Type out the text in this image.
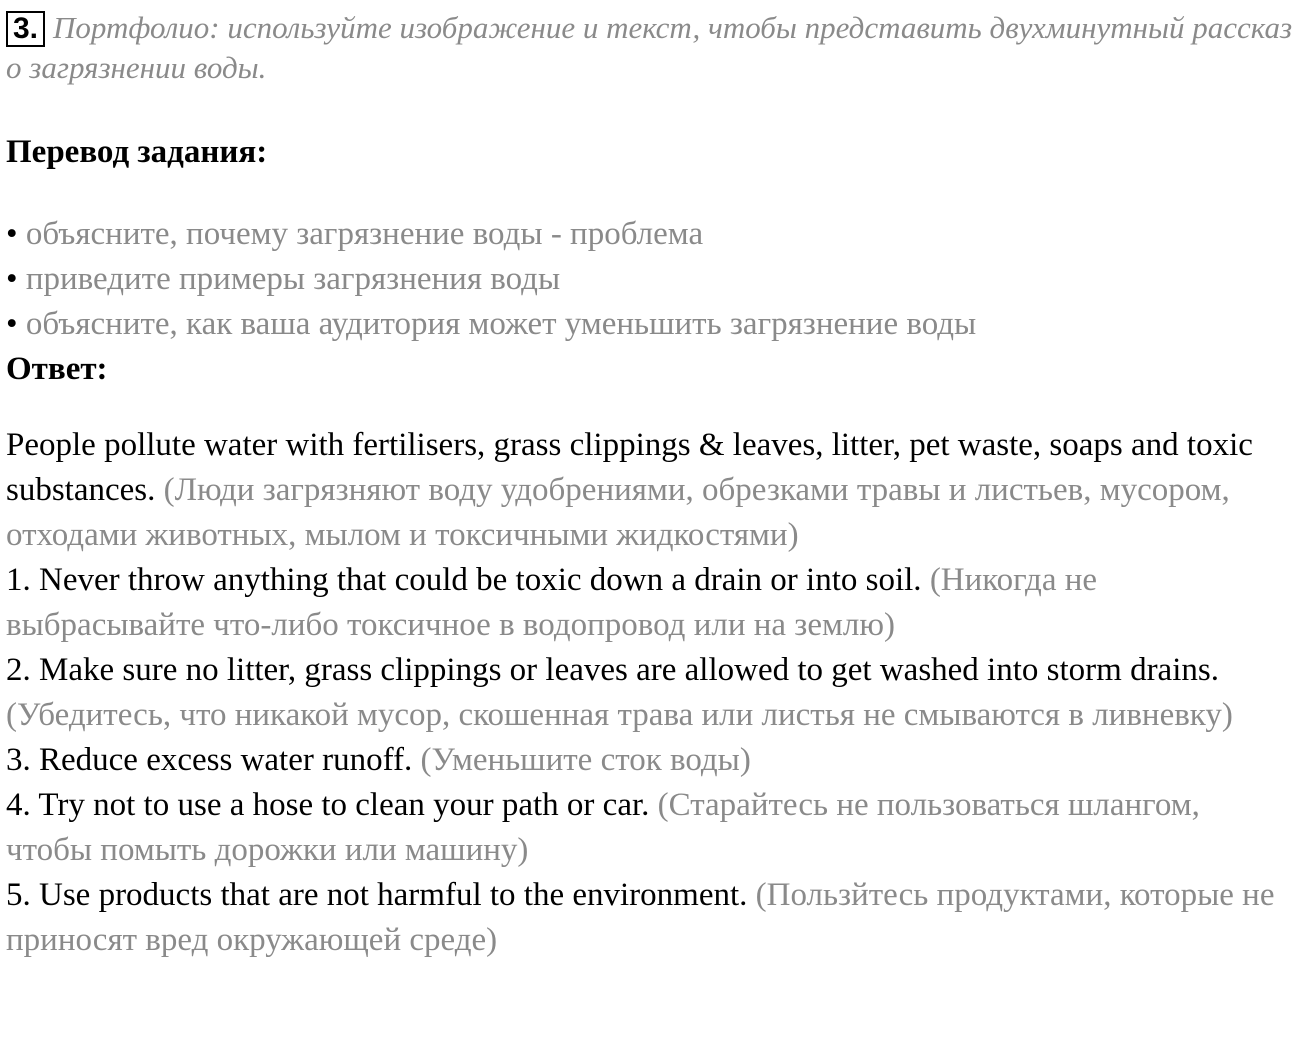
3. Портфолио: используйте изображение и текст, чтобы представить двухминутный рассказ о загрязнении воды.
Перевод задания:
• объясните, почему загрязнение воды - проблема
• приведите примеры загрязнения воды
• объясните, как ваша аудитория может уменьшить загрязнение воды
Ответ:

People pollute water with fertilisers, grass clippings & leaves, litter, pet waste, soaps and toxic substances. (Люди загрязняют воду удобрениями, обрезками травы и листьев, мусором, отходами животных, мылом и токсичными жидкостями)

1. Never throw anything that could be toxic down a drain or into soil. (Никогда не выбрасывайте что-либо токсичное в водопровод или на землю)

2. Make sure no litter, grass clippings or leaves are allowed to get washed into storm drains. (Убедитесь, что никакой мусор, скошенная трава или листья не смываются в ливневку)

3. Reduce excess water runoff. (Уменьшите сток воды)

4. Try not to use a hose to clean your path or car. (Старайтесь не пользоваться шлангом, чтобы помыть дорожки или машину)

5. Use products that are not harmful to the environment. (Пользйтесь продуктами, которые не приносят вред окружающей среде)
